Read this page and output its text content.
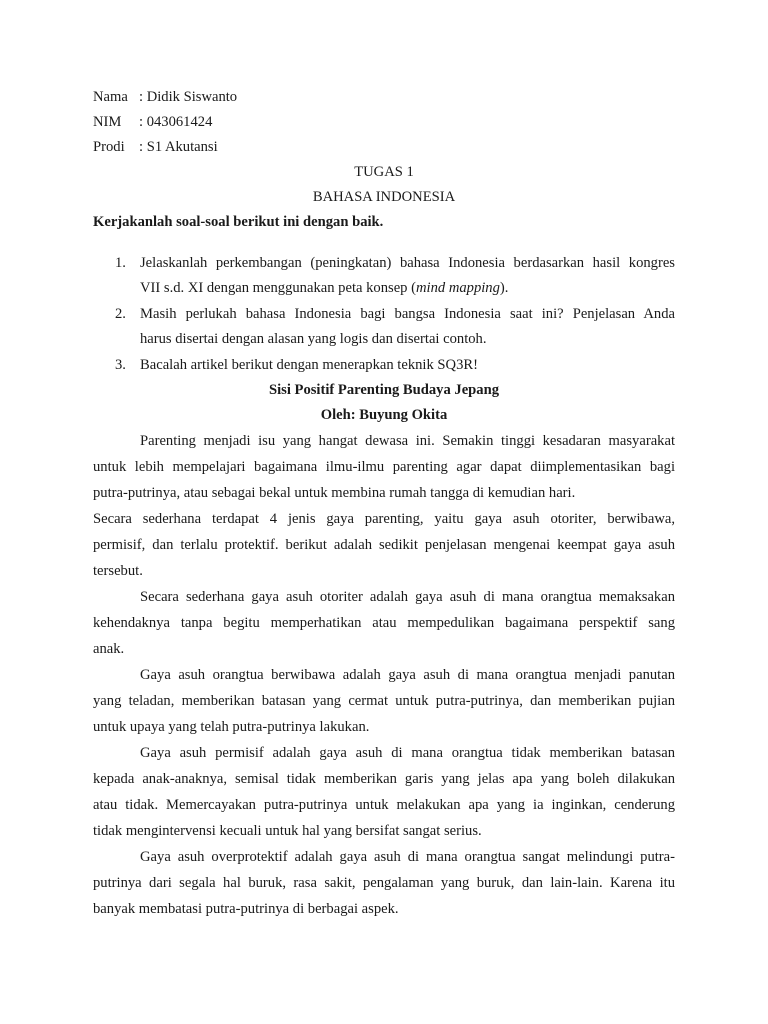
Nama : Didik Siswanto
NIM : 043061424
Prodi : S1 Akutansi
TUGAS 1
BAHASA INDONESIA
Kerjakanlah soal-soal berikut ini dengan baik.
1. Jelaskanlah perkembangan (peningkatan) bahasa Indonesia berdasarkan hasil kongres
VII s.d. XI dengan menggunakan peta konsep (mind mapping).
2. Masih perlukah bahasa Indonesia bagi bangsa Indonesia saat ini? Penjelasan Anda
harus disertai dengan alasan yang logis dan disertai contoh.
3. Bacalah artikel berikut dengan menerapkan teknik SQ3R!
Sisi Positif Parenting Budaya Jepang
Oleh: Buyung Okita
Parenting menjadi isu yang hangat dewasa ini. Semakin tinggi kesadaran masyarakat
untuk lebih mempelajari bagaimana ilmu-ilmu parenting agar dapat diimplementasikan bagi
putra-putrinya, atau sebagai bekal untuk membina rumah tangga di kemudian hari.
Secara sederhana terdapat 4 jenis gaya parenting, yaitu gaya asuh otoriter, berwibawa,
permisif, dan terlalu protektif. berikut adalah sedikit penjelasan mengenai keempat gaya asuh
tersebut.
Secara sederhana gaya asuh otoriter adalah gaya asuh di mana orangtua memaksakan
kehendaknya tanpa begitu memperhatikan atau mempedulikan bagaimana perspektif sang
anak.
Gaya asuh orangtua berwibawa adalah gaya asuh di mana orangtua menjadi panutan
yang teladan, memberikan batasan yang cermat untuk putra-putrinya, dan memberikan pujian
untuk upaya yang telah putra-putrinya lakukan.
Gaya asuh permisif adalah gaya asuh di mana orangtua tidak memberikan batasan
kepada anak-anaknya, semisal tidak memberikan garis yang jelas apa yang boleh dilakukan
atau tidak. Memercayakan putra-putrinya untuk melakukan apa yang ia inginkan, cenderung
tidak mengintervensi kecuali untuk hal yang bersifat sangat serius.
Gaya asuh overprotektif adalah gaya asuh di mana orangtua sangat melindungi putra-
putrinya dari segala hal buruk, rasa sakit, pengalaman yang buruk, dan lain-lain. Karena itu
banyak membatasi putra-putrinya di berbagai aspek.
